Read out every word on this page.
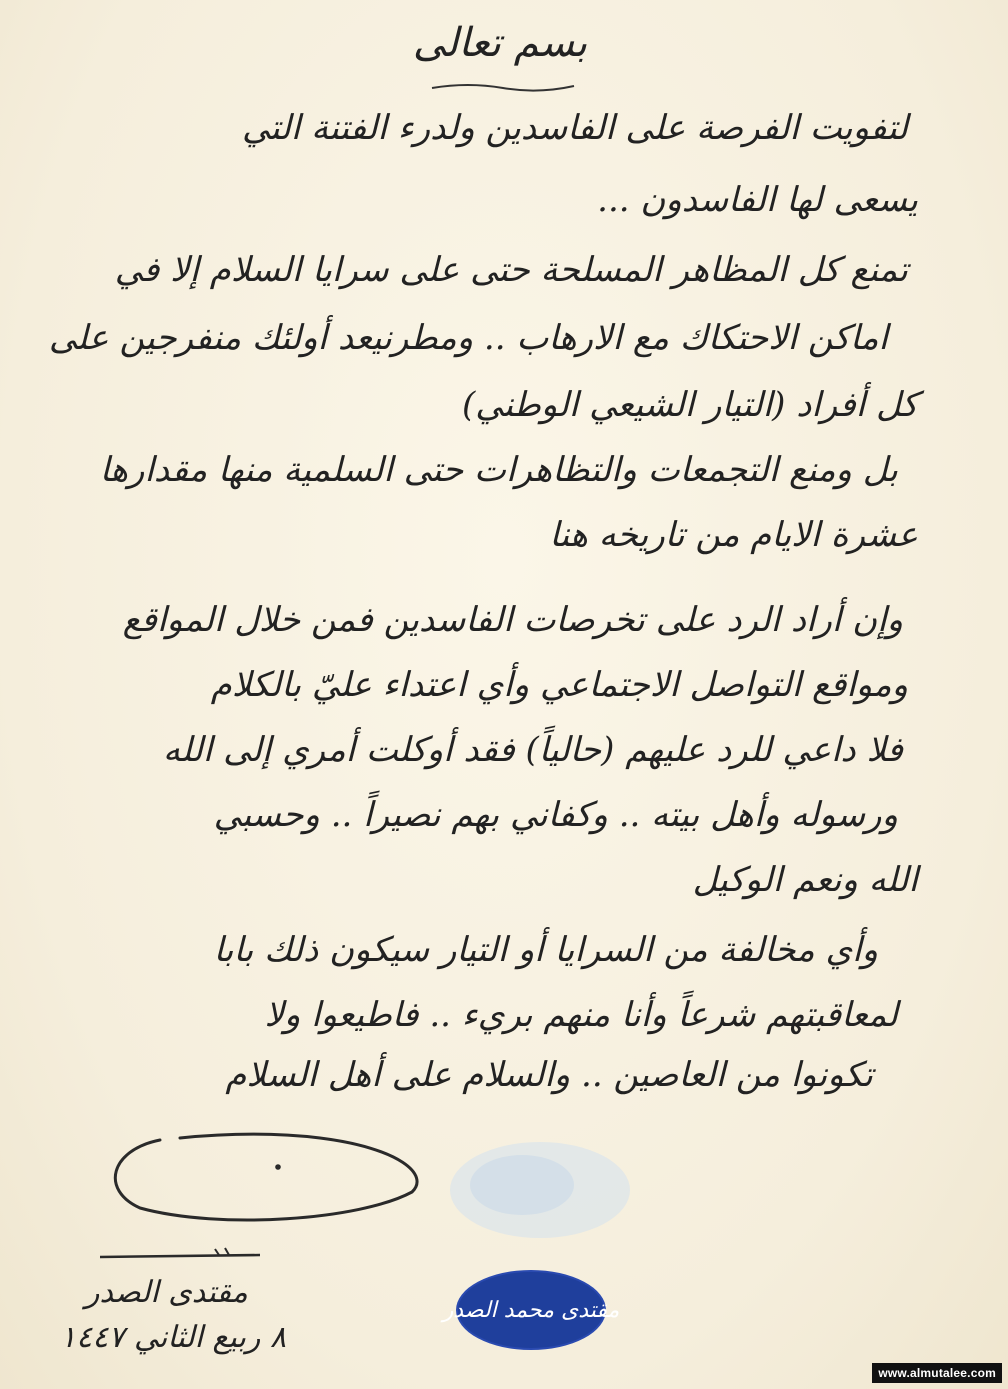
بسم تعالى
لتفويت الفرصة على الفاسدين ولدرء الفتنة التي
يسعى لها الفاسدون ...
تمنع كل المظاهر المسلحة حتى على سرايا السلام إلا في
اماكن الاحتكاك مع الارهاب .. ومطرنيعد أولئك منفرجين على
كل أفراد (التيار الشيعي الوطني)
بل ومنع التجمعات والتظاهرات حتى السلمية منها مقدارها
عشرة الايام من تاريخه هنا
وإن أراد الرد على تخرصات الفاسدين فمن خلال المواقع
ومواقع التواصل الاجتماعي وأي اعتداء عليّ بالكلام
فلا داعي للرد عليهم (حالياً) فقد أوكلت أمري إلى الله
ورسوله وأهل بيته .. وكفاني بهم نصيراً .. وحسبي
الله ونعم الوكيل
وأي مخالفة من السرايا أو التيار سيكون ذلك بابا
لمعاقبتهم شرعاً وأنا منهم بريء .. فاطيعوا ولا
تكونوا من العاصين .. والسلام على أهل السلام
مقتدى الصدر
٨ ربيع الثاني ١٤٤٧
مقتدى محمد الصدر
www.almutalee.com
